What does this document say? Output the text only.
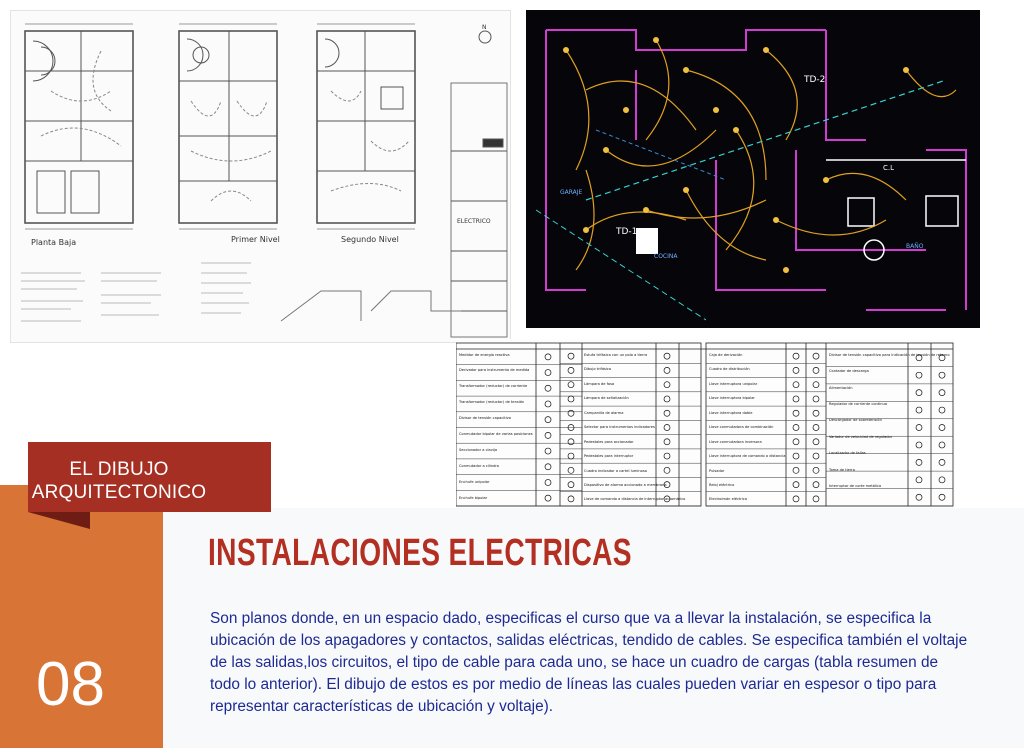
Planta Baja	Primer Nivel	Segundo Nivel
ELECTRICO
N
TD-2
TD-1
COCINA
GARAJE
C.L
BAÑO
Medidor de energía reactiva
Derivador para instrumento de medida
Transformador (reductor) de corriente
Transformador (reductor) de tensión
Divisor de tensión capacitivo
Conmutador bipolar de varias posiciones
Seccionador a clavija
Conmutador a cilindro
Enchufe unipolar
Enchufe bipolar
Estufa trifásica con un polo a tierra
Dibujo trifásico
Lámpara de fosa
Lámpara de señalización
Campanilla de alarma
Selector para instrumentos indicadores
Pedestales para accionador
Pedestales para interruptor
Cuadro indicador o cartel luminoso
Dispositivo de alarma accionado a membrana
Llave de comando a distancia de interruptor automático
Caja de derivación
Cuadro de distribución
Llave interruptora unipolar
Llave interruptora bipolar
Llave interruptora doble
Llave conmutadora de combinación
Llave conmutadora inversora
Llave interruptora de comando a distancia
Pulsador
Reloj eléctrico
Electroimán eléctrico
Divisor de tensión capacitivo para indicación de tensión de retorno
Contador de descarga
Alimentación
Regulador de corriente continua
Descargador de sobretensión
Variador de velocidad de regulador
Localizador de fallas
Toma de tierra
Interruptor de corte metálico
EL DIBUJO ARQUITECTONICO
INSTALACIONES ELECTRICAS

Son planos donde, en un espacio dado, especificas el curso que va a llevar la instalación, se especifica la ubicación de los apagadores y contactos, salidas eléctricas, tendido de cables. Se especifica también el voltaje de las salidas,los circuitos, el tipo de cable para cada uno, se hace un cuadro de cargas (tabla resumen de todo lo anterior). El dibujo de estos es por medio de líneas las cuales pueden variar en espesor o tipo para representar características de ubicación y voltaje).

08
